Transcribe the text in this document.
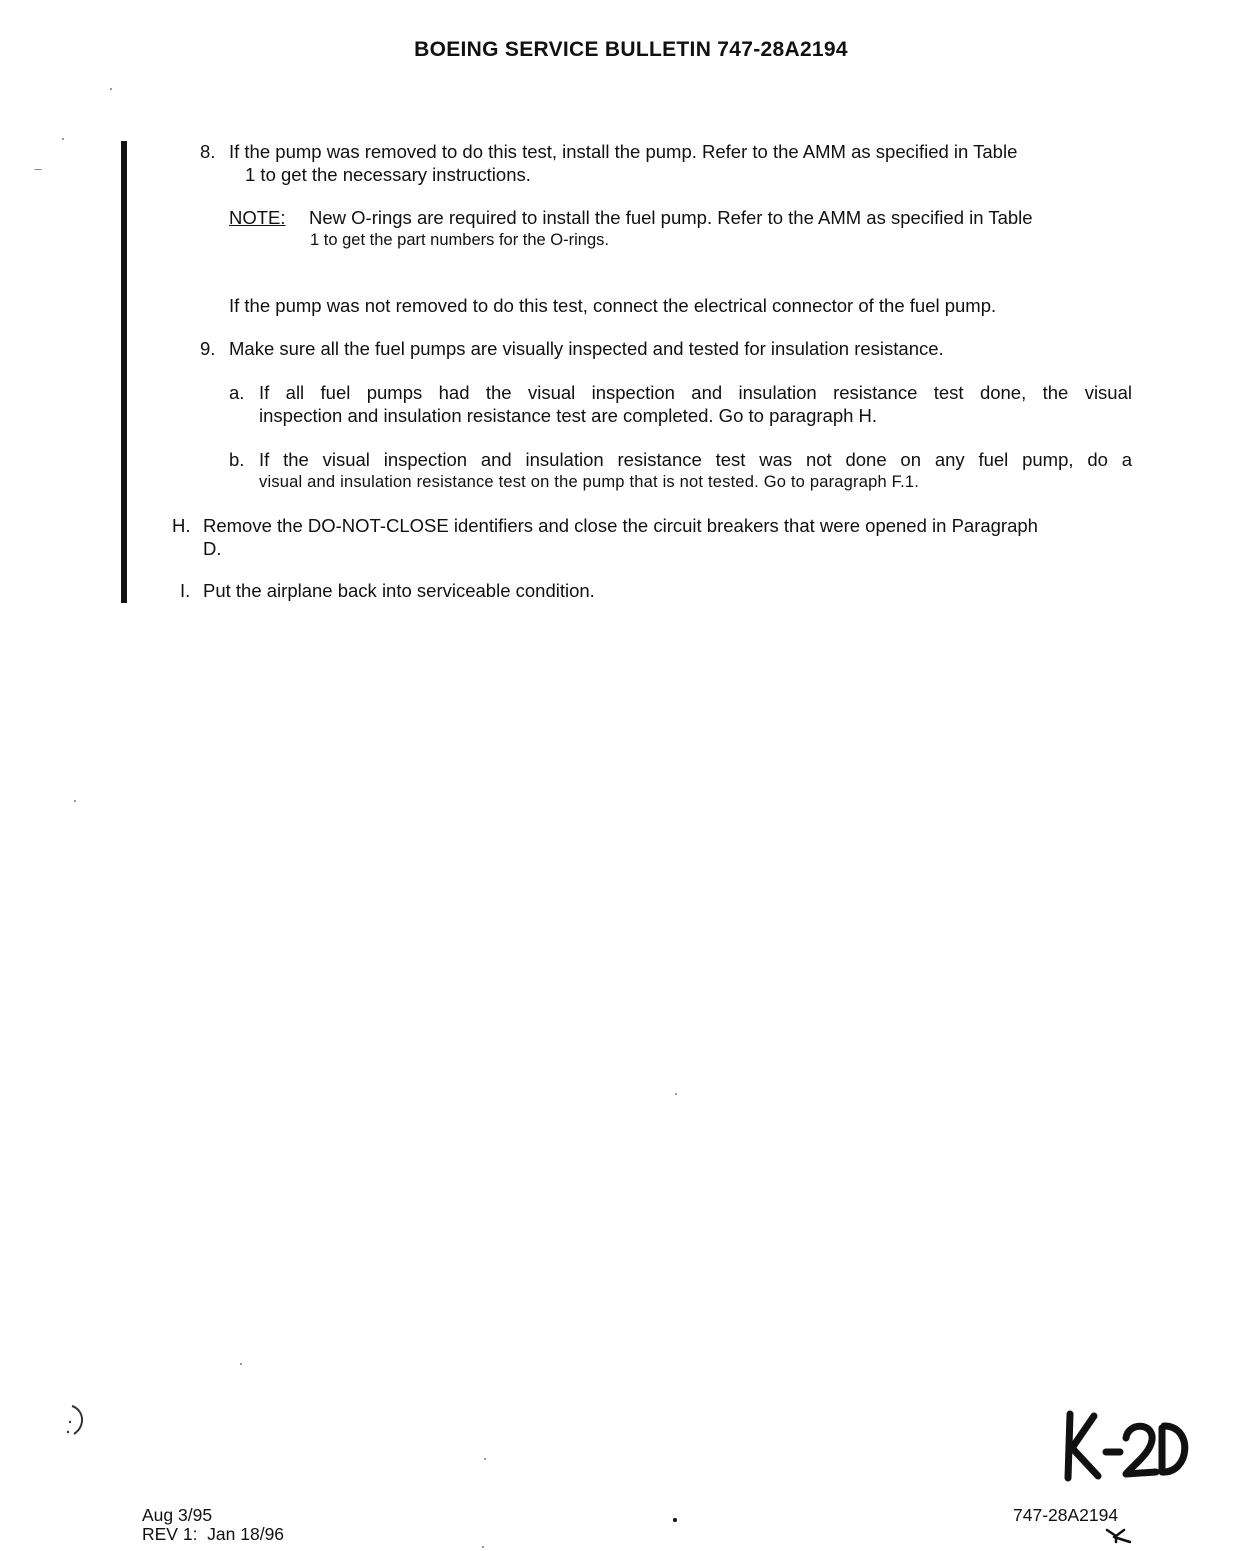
BOEING SERVICE BULLETIN 747-28A2194
8. If the pump was removed to do this test, install the pump. Refer to the AMM as specified in Table
1 to get the necessary instructions.
NOTE:	New O-rings are required to install the fuel pump. Refer to the AMM as specified in Table
1 to get the part numbers for the O-rings.
If the pump was not removed to do this test, connect the electrical connector of the fuel pump.
9. Make sure all the fuel pumps are visually inspected and tested for insulation resistance.
a. If all fuel pumps had the visual inspection and insulation resistance test done, the visual
inspection and insulation resistance test are completed. Go to paragraph H.
b. If the visual inspection and insulation resistance test was not done on any fuel pump, do a
visual and insulation resistance test on the pump that is not tested. Go to paragraph F.1.
H. Remove the DO-NOT-CLOSE identifiers and close the circuit breakers that were opened in Paragraph
D.
I. Put the airplane back into serviceable condition.
Aug 3/95
REV 1:  Jan 18/96
747-28A2194
